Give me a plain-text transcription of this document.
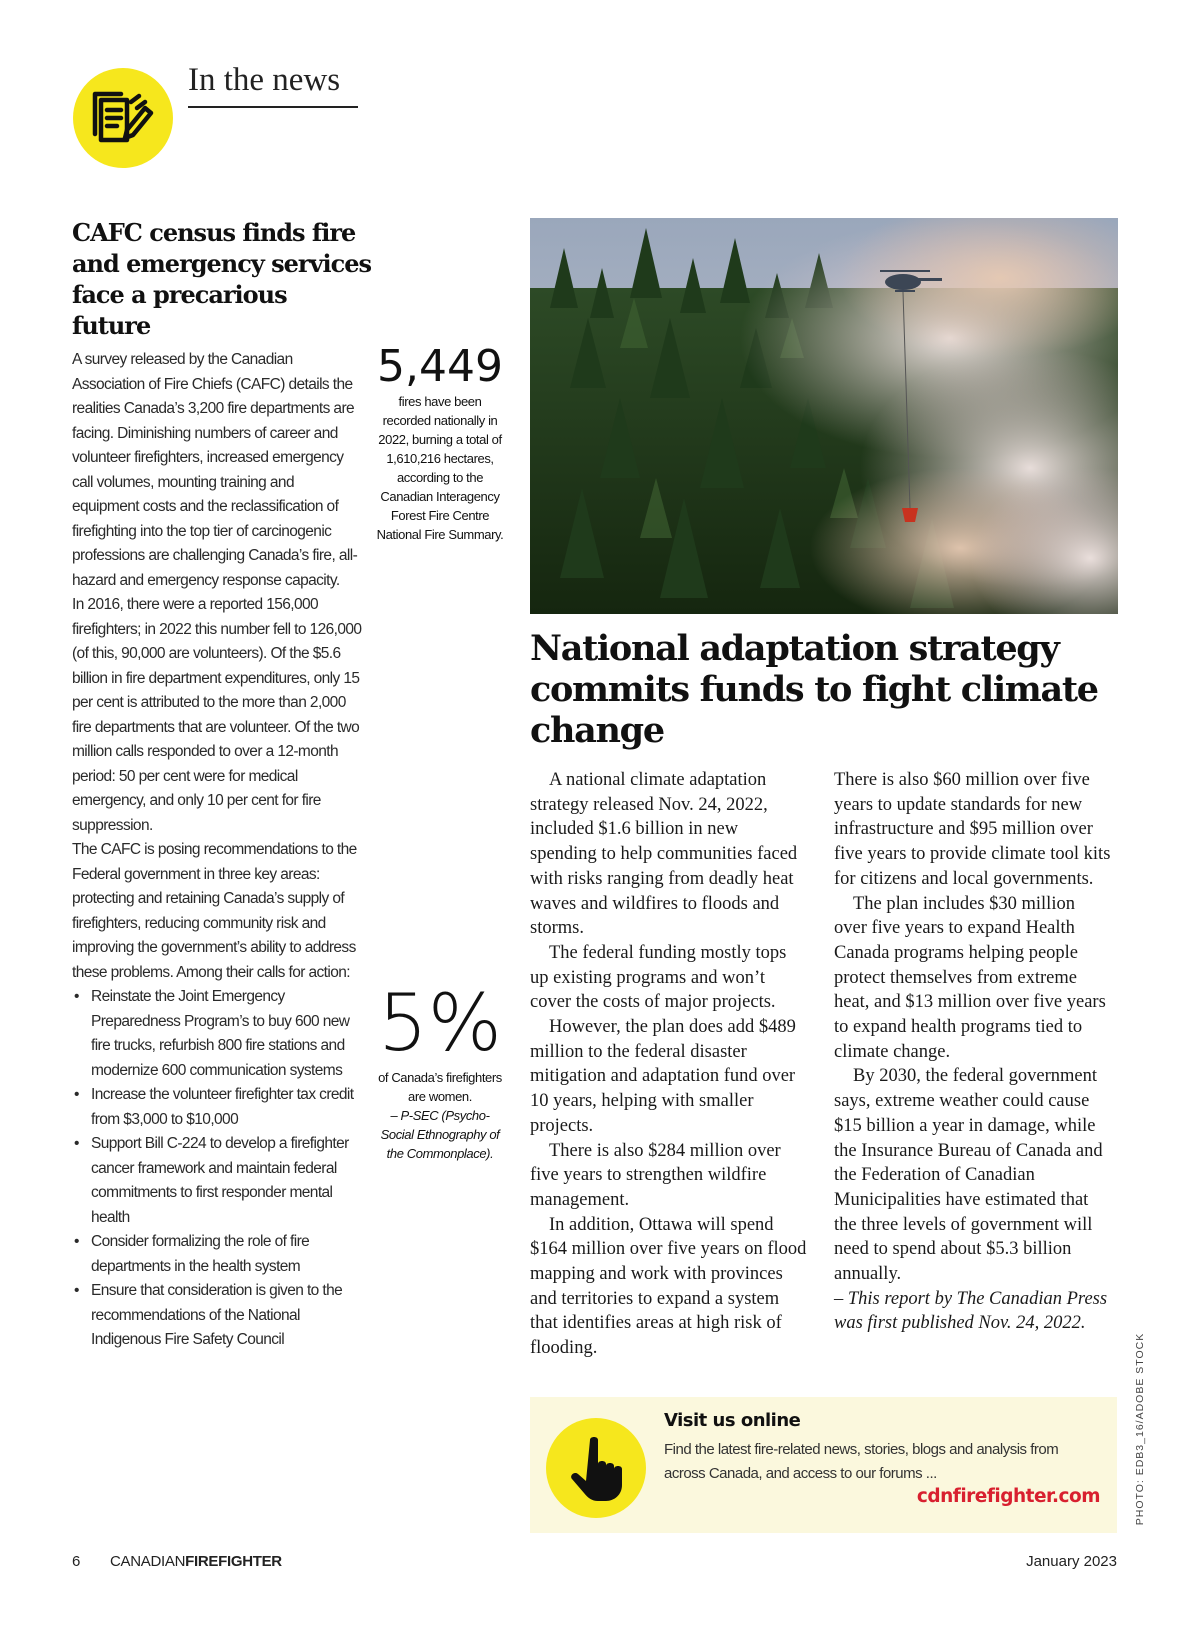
In the news
CAFC census finds fire and emergency services face a precarious future

A survey released by the Canadian Association of Fire Chiefs (CAFC) details the realities Canada’s 3,200 fire departments are facing. Diminishing numbers of career and volunteer firefighters, increased emergency call volumes, mounting training and equipment costs and the reclassification of firefighting into the top tier of carcinogenic professions are challenging Canada’s fire, all-hazard and emergency response capacity.

In 2016, there were a reported 156,000 firefighters; in 2022 this number fell to 126,000 (of this, 90,000 are volunteers). Of the $5.6 billion in fire department expenditures, only 15 per cent is attributed to the more than 2,000 fire departments that are volunteer. Of the two million calls responded to over a 12-month period: 50 per cent were for medical emergency, and only 10 per cent for fire suppression.

The CAFC is posing recommendations to the Federal government in three key areas: protecting and retaining Canada’s supply of firefighters, reducing community risk and improving the government’s ability to address these problems. Among their calls for action:

• Reinstate the Joint Emergency Preparedness Program’s to buy 600 new fire trucks, refurbish 800 fire stations and modernize 600 communication systems
• Increase the volunteer firefighter tax credit from $3,000 to $10,000
• Support Bill C-224 to develop a firefighter cancer framework and maintain federal commitments to first responder mental health
• Consider formalizing the role of fire departments in the health system
• Ensure that consideration is given to the recommendations of the National Indigenous Fire Safety Council
5,449
fires have been recorded nationally in 2022, burning a total of 1,610,216 hectares, according to the Canadian Interagency Forest Fire Centre National Fire Summary.
5%
of Canada’s firefighters are women.
– P-SEC (Psycho-Social Ethnography of the Commonplace).
PHOTO: EDB3_16/ADOBE STOCK
National adaptation strategy commits funds to fight climate change

A national climate adaptation strategy released Nov. 24, 2022, included $1.6 billion in new spending to help communities faced with risks ranging from deadly heat waves and wildfires to floods and storms.

The federal funding mostly tops up existing programs and won’t cover the costs of major projects.

However, the plan does add $489 million to the federal disaster mitigation and adaptation fund over 10 years, helping with smaller projects.

There is also $284 million over five years to strengthen wildfire management.

In addition, Ottawa will spend $164 million over five years on flood mapping and work with provinces and territories to expand a system that identifies areas at high risk of flooding.

There is also $60 million over five years to update standards for new infrastructure and $95 million over five years to provide climate tool kits for citizens and local governments.

The plan includes $30 million over five years to expand Health Canada programs helping people protect themselves from extreme heat, and $13 million over five years to expand health programs tied to climate change.

By 2030, the federal government says, extreme weather could cause $15 billion a year in damage, while the Insurance Bureau of Canada and the Federation of Canadian Municipalities have estimated that the three levels of government will need to spend about $5.3 billion annually.

– This report by The Canadian Press was first published Nov. 24, 2022.

Visit us online
Find the latest fire-related news, stories, blogs and analysis from across Canada, and access to our forums ...
cdnfirefighter.com
6 CANADIANFIREFIGHTER	January 2023
